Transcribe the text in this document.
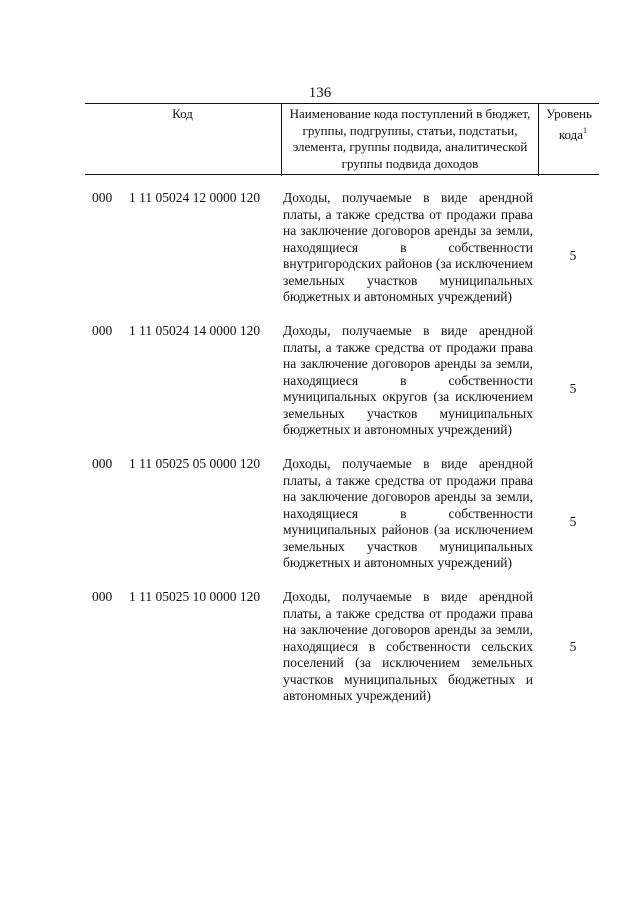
136
Код	Наименование кода поступлений в бюджет, группы, подгруппы, статьи, подстатьи, элемента, группы подвида, аналитической группы подвида доходов
Уровень
кода$^1$
000 1 11 05024 12 0000 120 Доходы, получаемые в виде арендной платы, а также средства от продажи права на заключение договоров аренды за земли, находящиеся в собственности внутригородских районов (за исключением земельных участков муниципальных бюджетных и автономных учреждений)
5
000 1 11 05024 14 0000 120 Доходы, получаемые в виде арендной платы, а также средства от продажи права на заключение договоров аренды за земли, находящиеся в собственности муниципальных округов (за исключением земельных участков муниципальных бюджетных и автономных учреждений)
5
000 1 11 05025 05 0000 120 Доходы, получаемые в виде арендной платы, а также средства от продажи права на заключение договоров аренды за земли, находящиеся в собственности муниципальных районов (за исключением земельных участков муниципальных бюджетных и автономных учреждений)
5
000 1 11 05025 10 0000 120 Доходы, получаемые в виде арендной платы, а также средства от продажи права на заключение договоров аренды за земли, находящиеся в собственности сельских поселений (за исключением земельных участков муниципальных бюджетных и автономных учреждений)
5
